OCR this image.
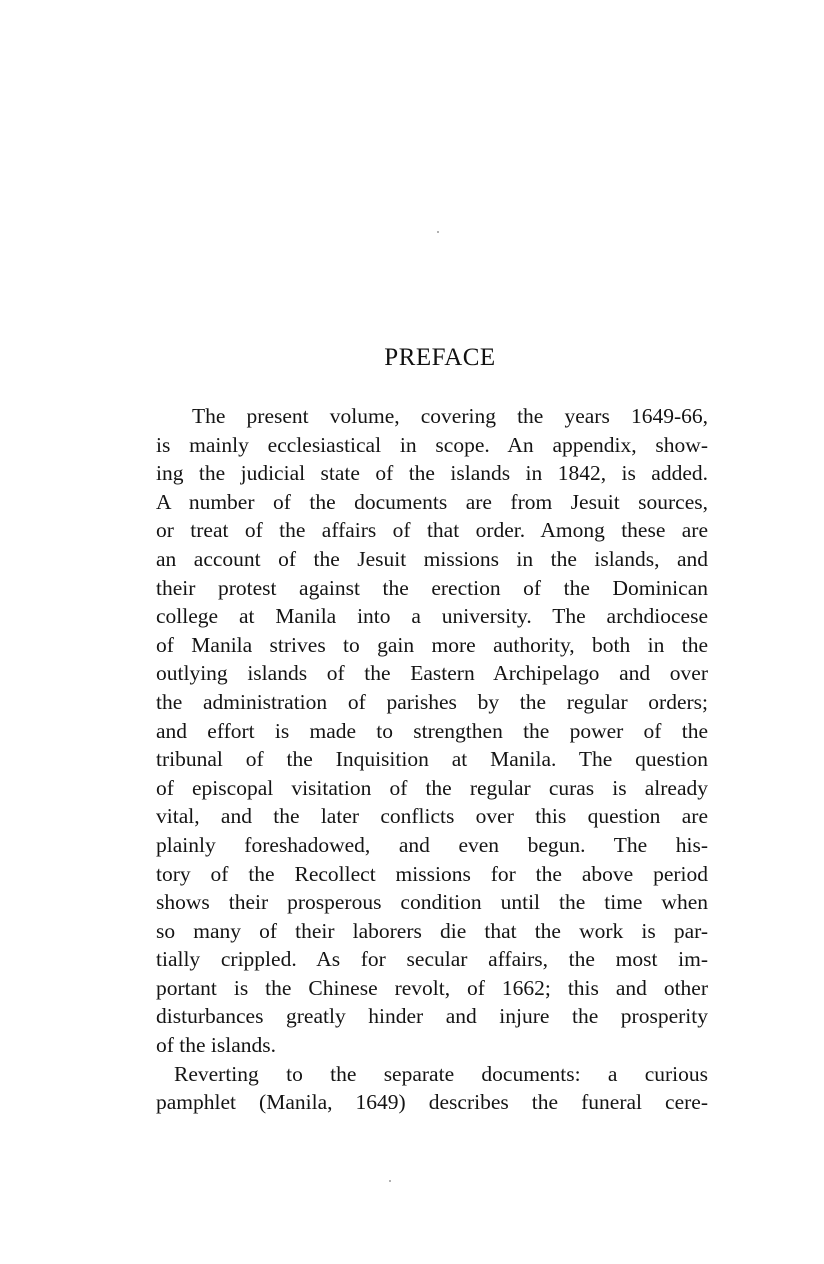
PREFACE
The present volume, covering the years 1649-66,
is mainly ecclesiastical in scope. An appendix, show-
ing the judicial state of the islands in 1842, is added.
A number of the documents are from Jesuit sources,
or treat of the affairs of that order. Among these are
an account of the Jesuit missions in the islands, and
their protest against the erection of the Dominican
college at Manila into a university. The archdiocese
of Manila strives to gain more authority, both in the
outlying islands of the Eastern Archipelago and over
the administration of parishes by the regular orders;
and effort is made to strengthen the power of the
tribunal of the Inquisition at Manila. The question
of episcopal visitation of the regular curas is already
vital, and the later conflicts over this question are
plainly foreshadowed, and even begun. The his-
tory of the Recollect missions for the above period
shows their prosperous condition until the time when
so many of their laborers die that the work is par-
tially crippled. As for secular affairs, the most im-
portant is the Chinese revolt, of 1662; this and other
disturbances greatly hinder and injure the prosperity
of the islands.
Reverting to the separate documents: a curious
pamphlet (Manila, 1649) describes the funeral cere-
